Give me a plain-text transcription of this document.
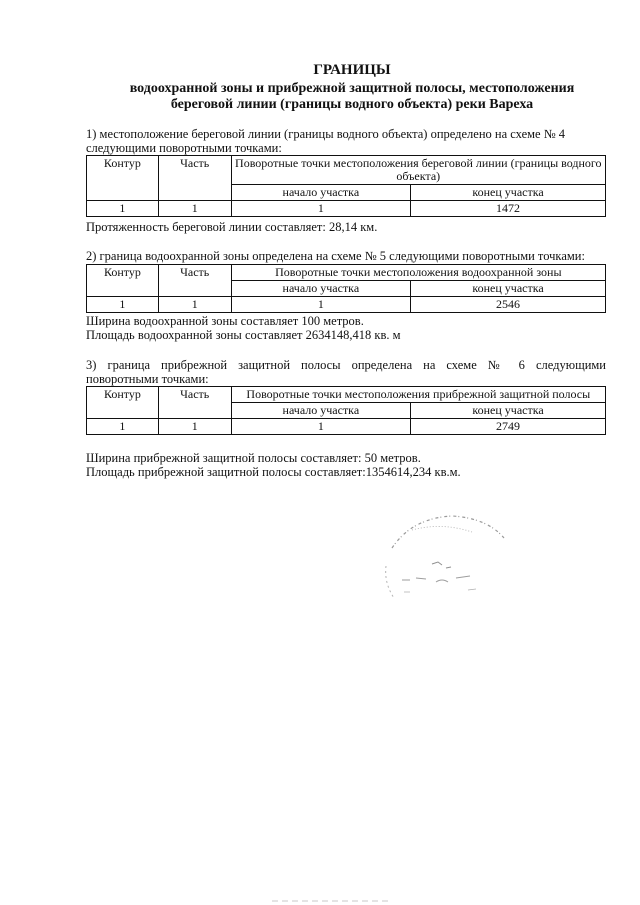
ГРАНИЦЫ
водоохранной зоны и прибрежной защитной полосы, местоположения
береговой линии (границы водного объекта) реки Вареха
1) местоположение береговой линии (границы водного объекта) определено на схеме № 4
следующими поворотными точками:
Контур	Часть	Поворотные точки местоположения береговой линии (границы водного объекта)	
		начало участка	конец участка
1	1	1	1472
Протяженность береговой линии составляет: 28,14 км.
2) граница водоохранной зоны определена на схеме № 5 следующими поворотными точками:
Контур	Часть	Поворотные точки местоположения водоохранной зоны	
		начало участка	конец участка
1	1	1	2546
Ширина водоохранной зоны составляет 100 метров.
Площадь водоохранной зоны составляет 2634148,418 кв. м
3) граница прибрежной защитной полосы определена на схеме № 6 следующими
поворотными точками:
Контур	Часть	Поворотные точки местоположения прибрежной защитной полосы	
		начало участка	конец участка
1	1	1	2749
Ширина прибрежной защитной полосы составляет: 50 метров.
Площадь прибрежной защитной полосы составляет:1354614,234 кв.м.
